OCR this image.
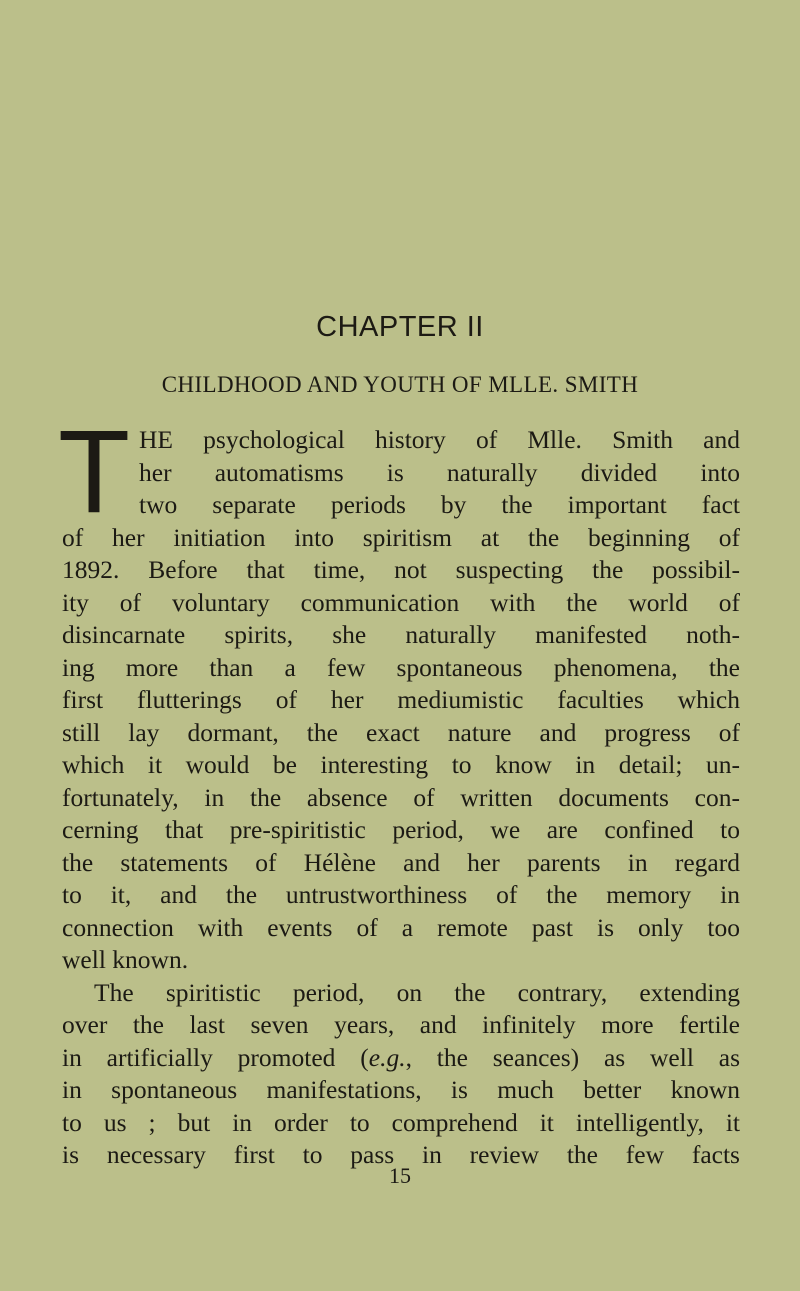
CHAPTER II
CHILDHOOD AND YOUTH OF MLLE. SMITH
T HE psychological history of Mlle. Smith and
her automatisms is naturally divided into
two separate periods by the important fact
of her initiation into spiritism at the beginning of
1892. Before that time, not suspecting the possibil-
ity of voluntary communication with the world of
disincarnate spirits, she naturally manifested noth-
ing more than a few spontaneous phenomena, the
first flutterings of her mediumistic faculties which
still lay dormant, the exact nature and progress of
which it would be interesting to know in detail; un-
fortunately, in the absence of written documents con-
cerning that pre-spiritistic period, we are confined to
the statements of Hélène and her parents in regard
to it, and the untrustworthiness of the memory in
connection with events of a remote past is only too
well known.
The spiritistic period, on the contrary, extending
over the last seven years, and infinitely more fertile
in artificially promoted (e.g., the seances) as well as
in spontaneous manifestations, is much better known
to us ; but in order to comprehend it intelligently, it
is necessary first to pass in review the few facts
15
